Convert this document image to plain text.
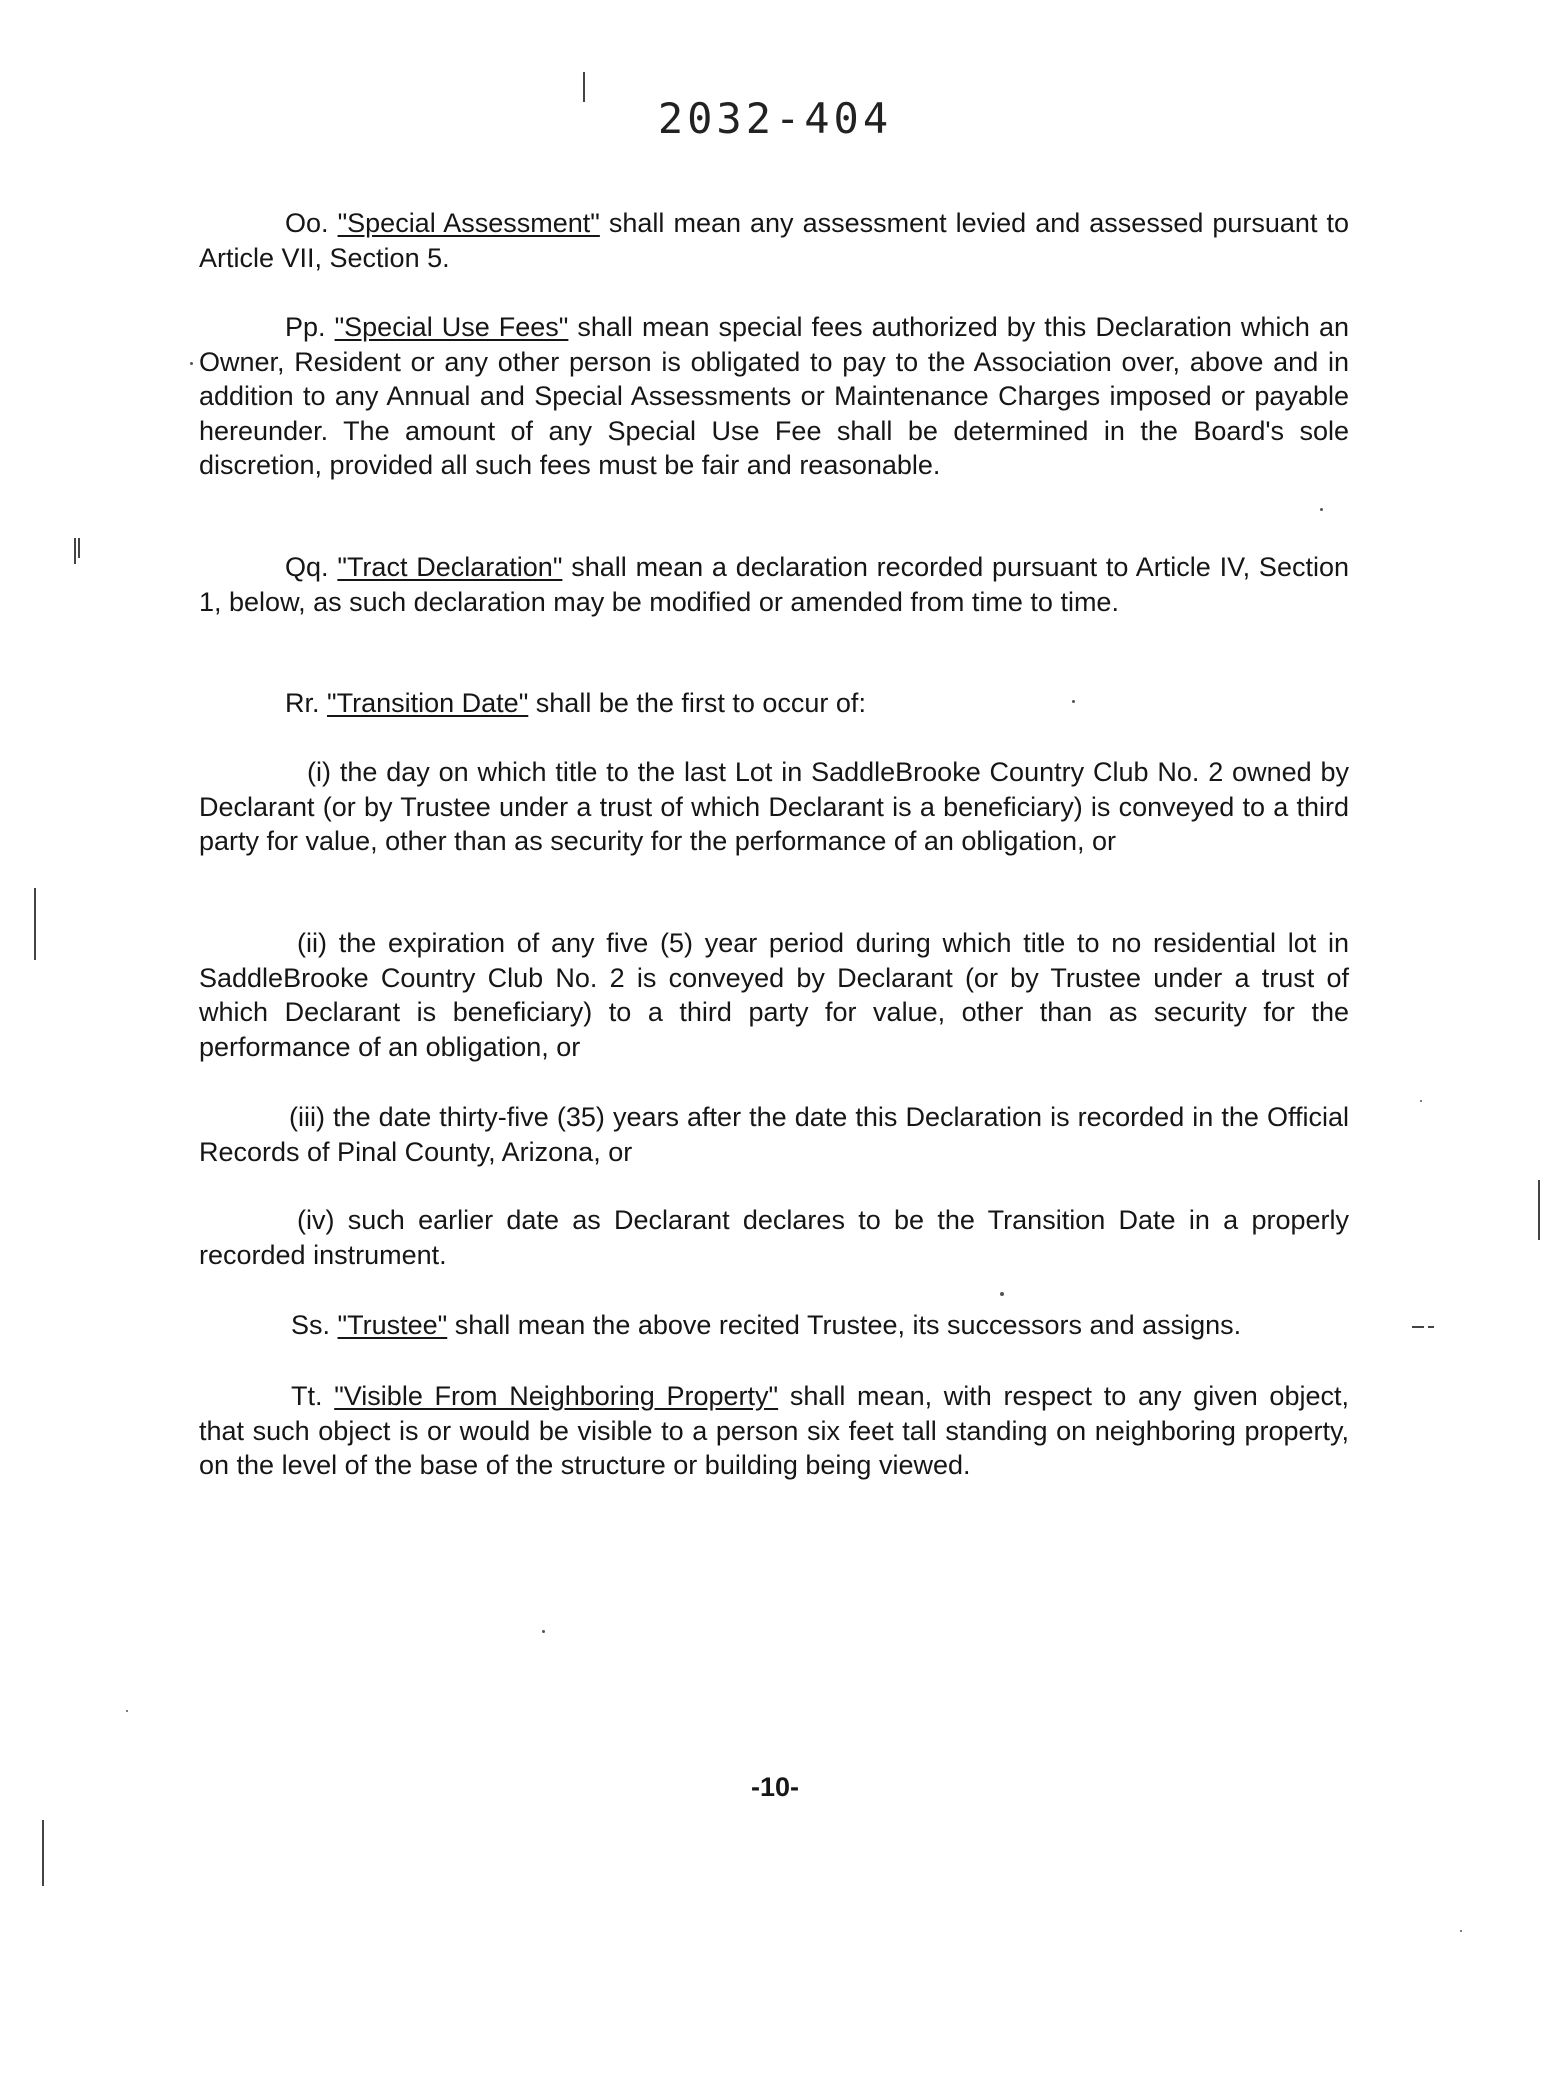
2032-404

Oo. "Special Assessment" shall mean any assessment levied and assessed pursuant to Article VII, Section 5.

Pp. "Special Use Fees" shall mean special fees authorized by this Declaration which an Owner, Resident or any other person is obligated to pay to the Association over, above and in addition to any Annual and Special Assessments or Maintenance Charges imposed or payable hereunder. The amount of any Special Use Fee shall be determined in the Board's sole discretion, provided all such fees must be fair and reasonable.

Qq. "Tract Declaration" shall mean a declaration recorded pursuant to Article IV, Section 1, below, as such declaration may be modified or amended from time to time.

Rr. "Transition Date" shall be the first to occur of:

(i) the day on which title to the last Lot in SaddleBrooke Country Club No. 2 owned by Declarant (or by Trustee under a trust of which Declarant is a beneficiary) is conveyed to a third party for value, other than as security for the performance of an obligation, or

(ii) the expiration of any five (5) year period during which title to no residential lot in SaddleBrooke Country Club No. 2 is conveyed by Declarant (or by Trustee under a trust of which Declarant is beneficiary) to a third party for value, other than as security for the performance of an obligation, or

(iii) the date thirty-five (35) years after the date this Declaration is recorded in the Official Records of Pinal County, Arizona, or

(iv) such earlier date as Declarant declares to be the Transition Date in a properly recorded instrument.

Ss. "Trustee" shall mean the above recited Trustee, its successors and assigns.

Tt. "Visible From Neighboring Property" shall mean, with respect to any given object, that such object is or would be visible to a person six feet tall standing on neighboring property, on the level of the base of the structure or building being viewed.

-10-
